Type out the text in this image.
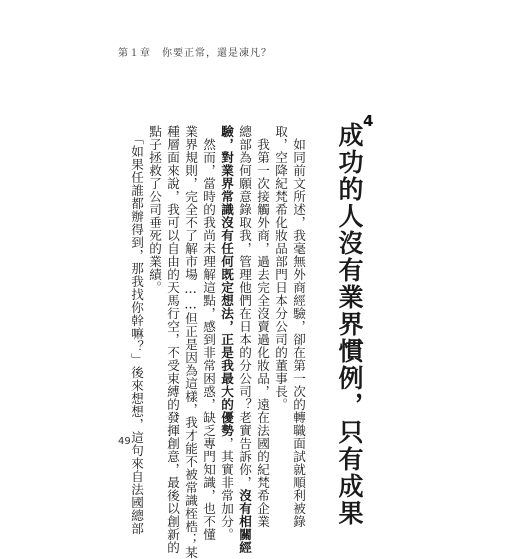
第１章　你要正常，還是凍凡？
4
成功的人沒有業界慣例，只有成果
　如同前文所述，我毫無外商經驗，卻在第一次的轉職面試就順利被錄
取，空降紀梵希化妝品部門日本分公司的董事長。
　我第一次接觸外商，過去完全沒賣過化妝品，遠在法國的紀梵希企業
總部為何願意錄取我，管理他們在日本的分公司？老實告訴你，沒有相關經
驗，對業界常識沒有任何既定想法，正是我最大的優勢，其實非常加分。
　然而，當時的我尚未理解這點，感到非常困惑，缺乏專門知識，也不懂
業界規則，完全不了解市場……但正是因為這樣，我才能不被常識桎梏；某
種層面來說，我可以自由的天馬行空，不受束縛的發揮創意，最後以創新的
點子拯救了公司垂死的業績。
　「如果任誰都辦得到，那我找你幹嘛？」後來想想，這句來自法國總部
49
